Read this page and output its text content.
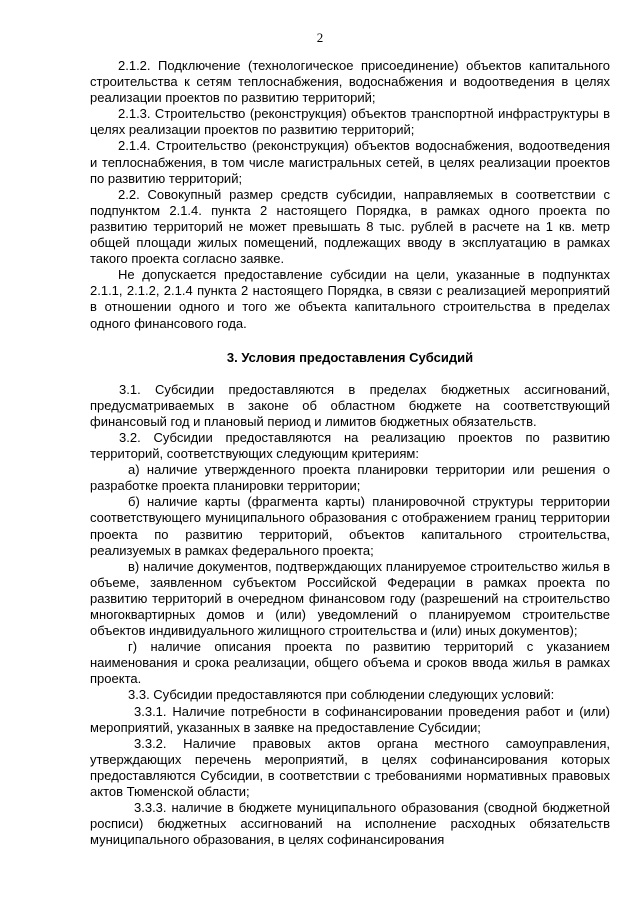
2

2.1.2. Подключение (технологическое присоединение) объектов капитального строительства к сетям теплоснабжения, водоснабжения и водоотведения в целях реализации проектов по развитию территорий;

2.1.3. Строительство (реконструкция) объектов транспортной инфраструктуры в целях реализации проектов по развитию территорий;

2.1.4. Строительство (реконструкция) объектов водоснабжения, водоотведения и теплоснабжения, в том числе магистральных сетей, в целях реализации проектов по развитию территорий;

2.2. Совокупный размер средств субсидии, направляемых в соответствии с подпунктом 2.1.4. пункта 2 настоящего Порядка, в рамках одного проекта по развитию территорий не может превышать 8 тыс. рублей в расчете на 1 кв. метр общей площади жилых помещений, подлежащих вводу в эксплуатацию в рамках такого проекта согласно заявке.

Не допускается предоставление субсидии на цели, указанные в подпунктах 2.1.1, 2.1.2, 2.1.4 пункта 2 настоящего Порядка, в связи с реализацией мероприятий в отношении одного и того же объекта капитального строительства в пределах одного финансового года.

3. Условия предоставления Субсидий

3.1. Субсидии предоставляются в пределах бюджетных ассигнований, предусматриваемых в законе об областном бюджете на соответствующий финансовый год и плановый период и лимитов бюджетных обязательств.

3.2. Субсидии предоставляются на реализацию проектов по развитию территорий, соответствующих следующим критериям:

а) наличие утвержденного проекта планировки территории или решения о разработке проекта планировки территории;

б) наличие карты (фрагмента карты) планировочной структуры территории соответствующего муниципального образования с отображением границ территории проекта по развитию территорий, объектов капитального строительства, реализуемых в рамках федерального проекта;

в) наличие документов, подтверждающих планируемое строительство жилья в объеме, заявленном субъектом Российской Федерации в рамках проекта по развитию территорий в очередном финансовом году (разрешений на строительство многоквартирных домов и (или) уведомлений о планируемом строительстве объектов индивидуального жилищного строительства и (или) иных документов);

г) наличие описания проекта по развитию территорий с указанием наименования и срока реализации, общего объема и сроков ввода жилья в рамках проекта.

3.3. Субсидии предоставляются при соблюдении следующих условий:

3.3.1. Наличие потребности в софинансировании проведения работ и (или) мероприятий, указанных в заявке на предоставление Субсидии;

3.3.2. Наличие правовых актов органа местного самоуправления, утверждающих перечень мероприятий, в целях софинансирования которых предоставляются Субсидии, в соответствии с требованиями нормативных правовых актов Тюменской области;

3.3.3. наличие в бюджете муниципального образования (сводной бюджетной росписи) бюджетных ассигнований на исполнение расходных обязательств муниципального образования, в целях софинансирования
